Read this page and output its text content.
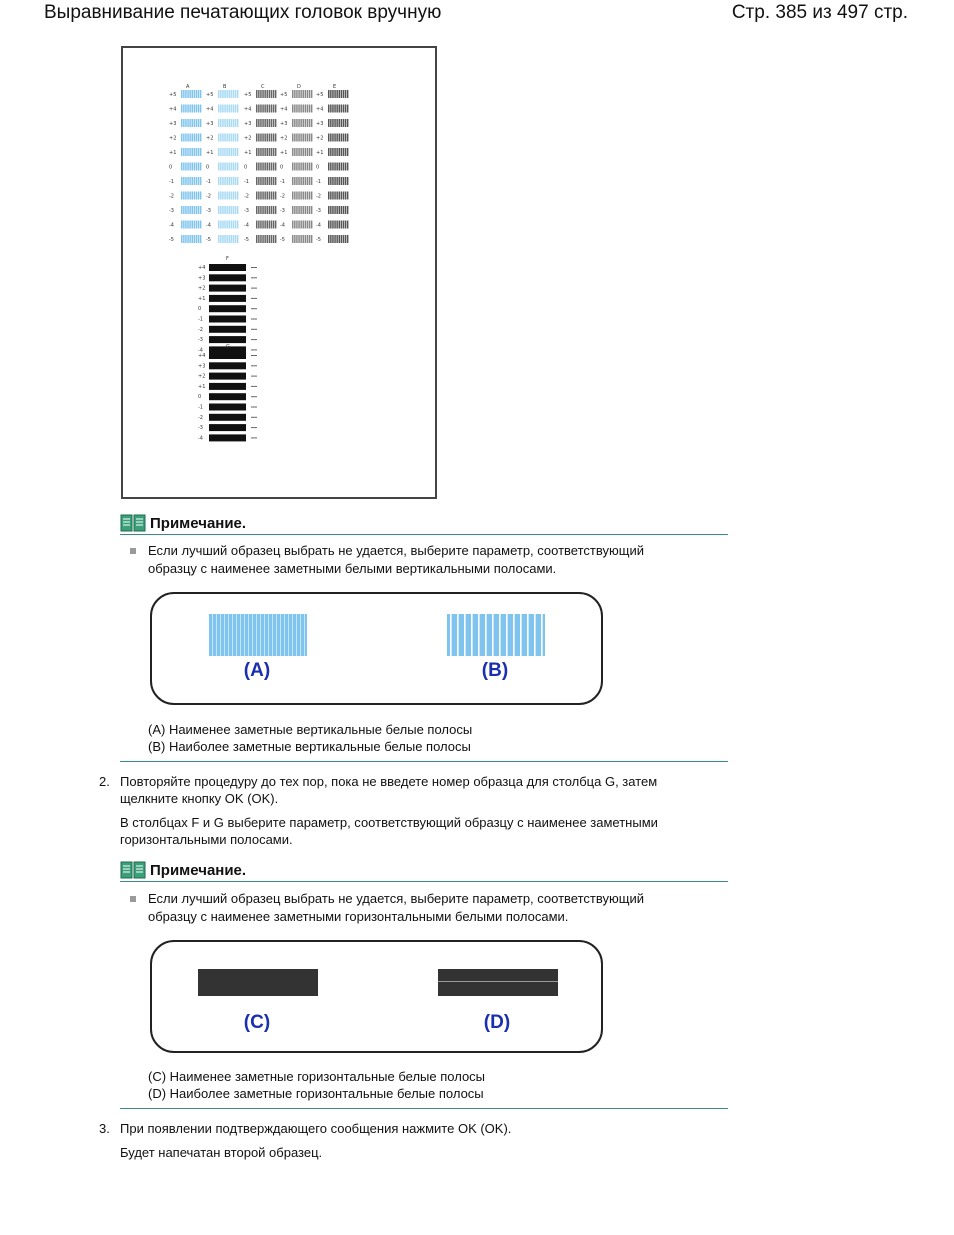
Выравнивание печатающих головок вручную	Стр. 385 из 497 стр.
A	B	C	D	E
+5	+5	+5	+5	+5
+4	+4	+4	+4	+4
+3	+3	+3	+3	+3
+2	+2	+2	+2	+2
+1	+1	+1	+1	+1
0	0	0	0	0
-1	-1	-1	-1	-1
-2	-2	-2	-2	-2
-3	-3	-3	-3	-3
-4	-4	-4	-4	-4
-5	-5	-5	-5	-5
F
+4
+3
+2
+1
0
-1
-2
-3
-4
G
+4
+3
+2
+1
0
-1
-2
-3
-4
Примечание.
Если лучший образец выбрать не удается, выберите параметр, соответствующий
образцу с наименее заметными белыми вертикальными полосами.
(A)	(B)
(A) Наименее заметные вертикальные белые полосы
(B) Наиболее заметные вертикальные белые полосы
2. Повторяйте процедуру до тех пор, пока не введете номер образца для столбца G, затем
щелкните кнопку OK (OK).
В столбцах F и G выберите параметр, соответствующий образцу с наименее заметными
горизонтальными полосами.
Примечание.
Если лучший образец выбрать не удается, выберите параметр, соответствующий
образцу с наименее заметными горизонтальными белыми полосами.
(C)	(D)
(C) Наименее заметные горизонтальные белые полосы
(D) Наиболее заметные горизонтальные белые полосы
3. При появлении подтверждающего сообщения нажмите OK (OK).
Будет напечатан второй образец.
